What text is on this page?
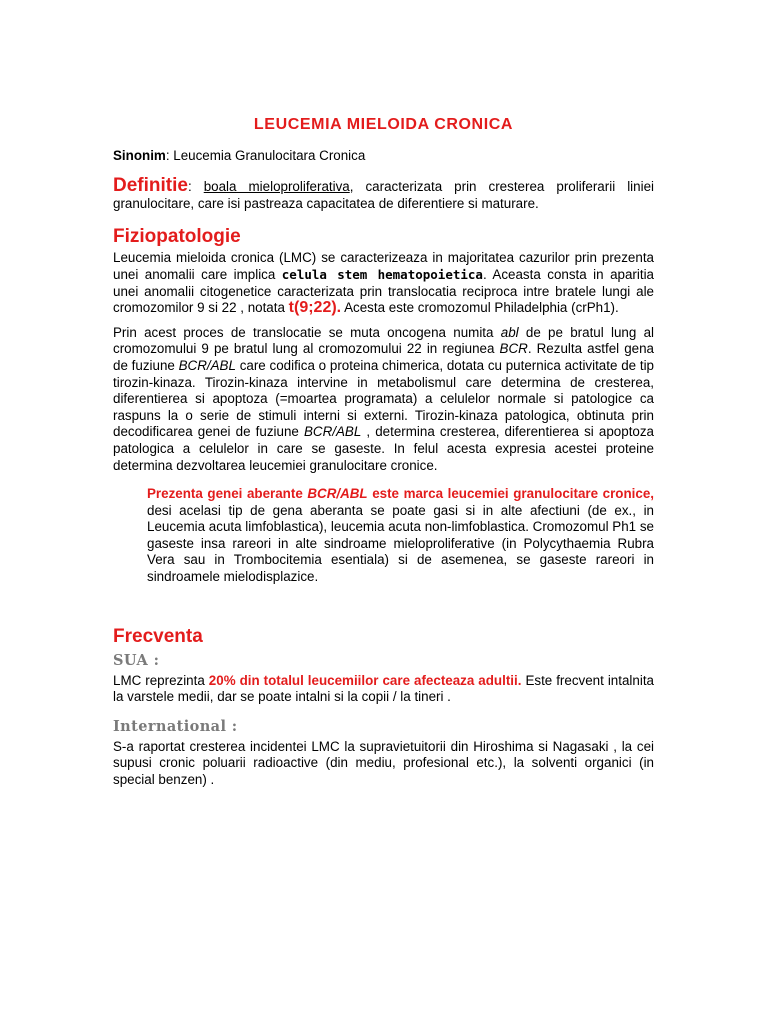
LEUCEMIA MIELOIDA CRONICA

Sinonim: Leucemia Granulocitara Cronica

Definitie: boala mieloproliferativa, caracterizata prin cresterea proliferarii liniei granulocitare, care isi pastreaza capacitatea de diferentiere si maturare.

Fiziopatologie

Leucemia mieloida cronica (LMC) se caracterizeaza in majoritatea cazurilor prin prezenta unei anomalii care implica celula stem hematopoietica. Aceasta consta in aparitia unei anomalii citogenetice caracterizata prin translocatia reciproca intre bratele lungi ale cromozomilor 9 si 22 , notata t(9;22). Acesta este cromozomul Philadelphia (crPh1).

Prin acest proces de translocatie se muta oncogena numita abl de pe bratul lung al cromozomului 9 pe bratul lung al cromozomului 22 in regiunea BCR. Rezulta astfel gena de fuziune BCR/ABL care codifica o proteina chimerica, dotata cu puternica activitate de tip tirozin-kinaza. Tirozin-kinaza intervine in metabolismul care determina de cresterea, diferentierea si apoptoza (=moartea programata) a celulelor normale si patologice ca raspuns la o serie de stimuli interni si externi. Tirozin-kinaza patologica, obtinuta prin decodificarea genei de fuziune BCR/ABL , determina cresterea, diferentierea si apoptoza patologica a celulelor in care se gaseste. In felul acesta expresia acestei proteine determina dezvoltarea leucemiei granulocitare cronice.

Prezenta genei aberante BCR/ABL este marca leucemiei granulocitare cronice, desi acelasi tip de gena aberanta se poate gasi si in alte afectiuni (de ex., in Leucemia acuta limfoblastica), leucemia acuta non-limfoblastica. Cromozomul Ph1 se gaseste insa rareori in alte sindroame mieloproliferative (in Polycythaemia Rubra Vera sau in Trombocitemia esentiala) si de asemenea, se gaseste rareori in sindroamele mielodisplazice.

Frecventa
SUA :

LMC reprezinta 20% din totalul leucemiilor care afecteaza adultii. Este frecvent intalnita la varstele medii, dar se poate intalni si la copii / la tineri .

International :

S-a raportat cresterea incidentei LMC la supravietuitorii din Hiroshima si Nagasaki , la cei supusi cronic poluarii radioactive (din mediu, profesional etc.), la solventi organici (in special benzen) .
